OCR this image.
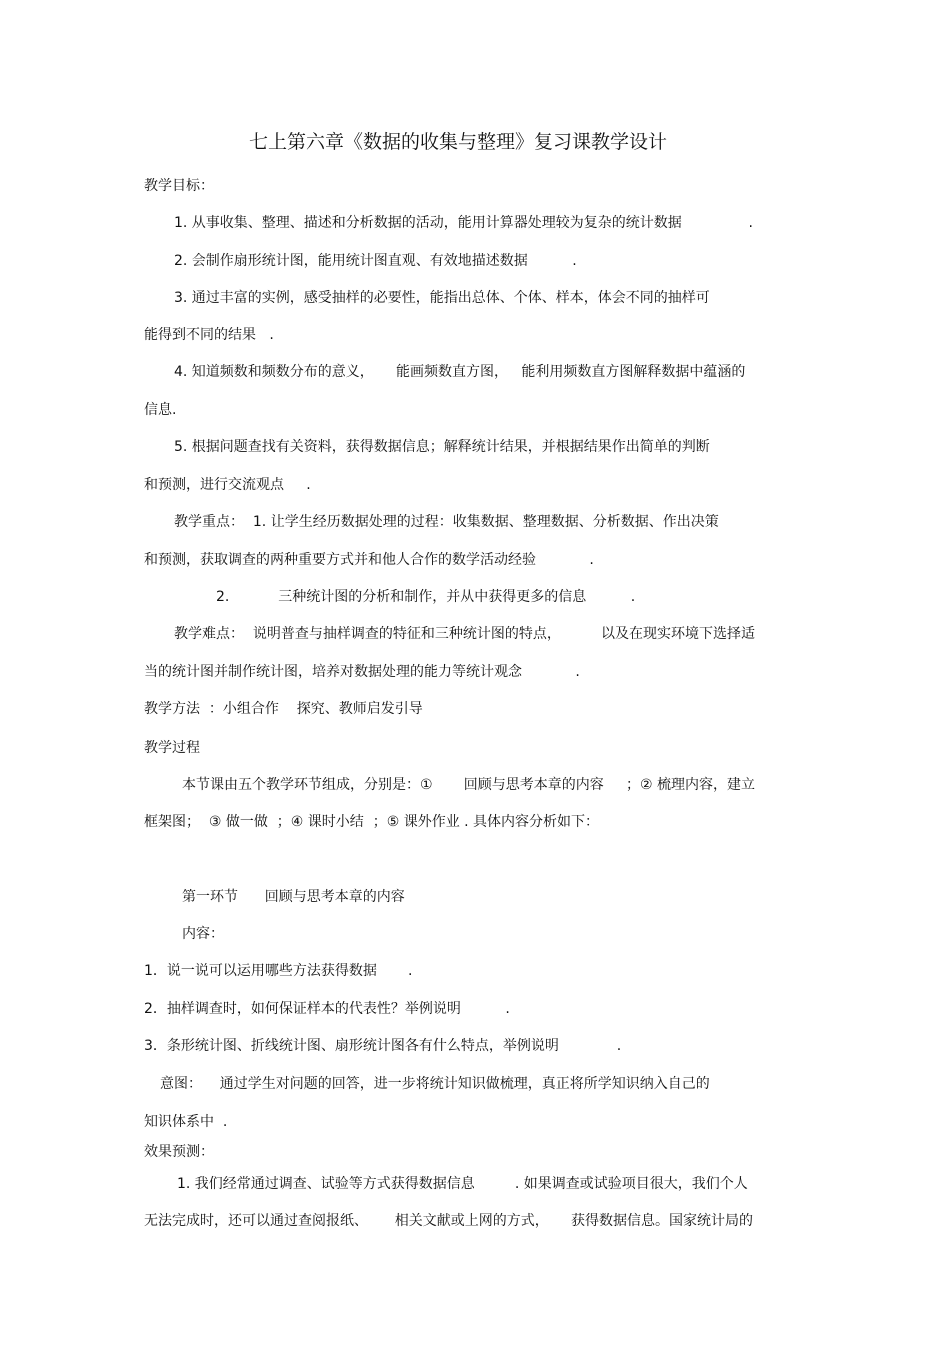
七上第六章《数据的收集与整理》复习课教学设计
教学目标：
1. 从事收集、整理、描述和分析数据的活动，能用计算器处理较为复杂的统计数据               .
2. 会制作扇形统计图，能用统计图直观、有效地描述数据          .
3. 通过丰富的实例，感受抽样的必要性，能指出总体、个体、样本，体会不同的抽样可
能得到不同的结果   .
4. 知道频数和频数分布的意义，     能画频数直方图，   能利用频数直方图解释数据中蕴涵的
信息.
5. 根据问题查找有关资料，获得数据信息；解释统计结果，并根据结果作出简单的判断
和预测，进行交流观点     .
教学重点：  1. 让学生经历数据处理的过程：收集数据、整理数据、分析数据、作出决策
和预测，获取调查的两种重要方式并和他人合作的数学活动经验            .
2.           三种统计图的分析和制作，并从中获得更多的信息          .
教学难点：  说明普查与抽样调查的特征和三种统计图的特点，         以及在现实环境下选择适
当的统计图并制作统计图，培养对数据处理的能力等统计观念            .
教学方法  ：小组合作    探究、教师启发引导
教学过程
本节课由五个教学环节组成，分别是：①       回顾与思考本章的内容     ；② 梳理内容，建立
框架图；  ③ 做一做  ；④ 课时小结  ；⑤ 课外作业 . 具体内容分析如下：
第一环节      回顾与思考本章的内容
内容：
1．说一说可以运用哪些方法获得数据       .
2．抽样调查时，如何保证样本的代表性？举例说明          .
3．条形统计图、折线统计图、扇形统计图各有什么特点，举例说明             .
意图：    通过学生对问题的回答，进一步将统计知识做梳理，真正将所学知识纳入自己的
知识体系中  .
效果预测：
1. 我们经常通过调查、试验等方式获得数据信息         . 如果调查或试验项目很大，我们个人
无法完成时，还可以通过查阅报纸、      相关文献或上网的方式，     获得数据信息。国家统计局的
